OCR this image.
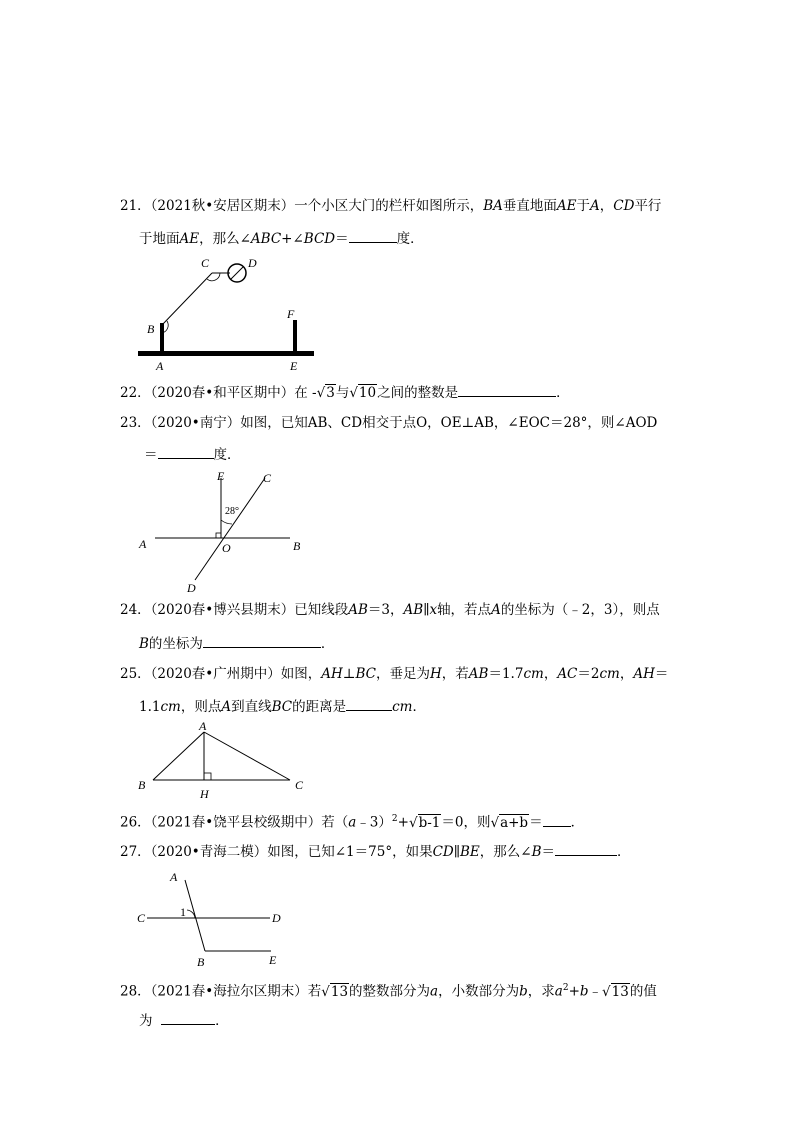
21．（2021秋•安居区期末）一个小区大门的栏杆如图所示，BA垂直地面AE于A，CD平行
于地面AE，那么∠ABC+∠BCD＝	度．
C	D
B
A
F
E
22．（2020春•和平区期中）在 -√3与√10之间的整数是	．
23．（2020•南宁）如图，已知AB、CD相交于点O，OE⊥AB，∠EOC＝28°，则∠AOD
＝	度．
E	C
A	O	B
D
28°
24．（2020春•博兴县期末）已知线段AB＝3，AB∥x轴，若点A的坐标为（﹣2，3），则点
B的坐标为	．
25．（2020春•广州期中）如图，AH⊥BC，垂足为H，若AB＝1.7cm，AC＝2cm，AH＝
1.1cm，则点A到直线BC的距离是	cm．
A
B
H
C
26．（2021春•饶平县校级期中）若（a﹣3）$^2$+√b-1＝0，则√a+b＝ ．
27．（2020•青海二模）如图，已知∠1＝75°，如果CD∥BE，那么∠B＝	．
A
C	1	D
B	E
28．（2021春•海拉尔区期末）若√13的整数部分为a，小数部分为b，求$a^2+b﹣√13$的值
为	．
